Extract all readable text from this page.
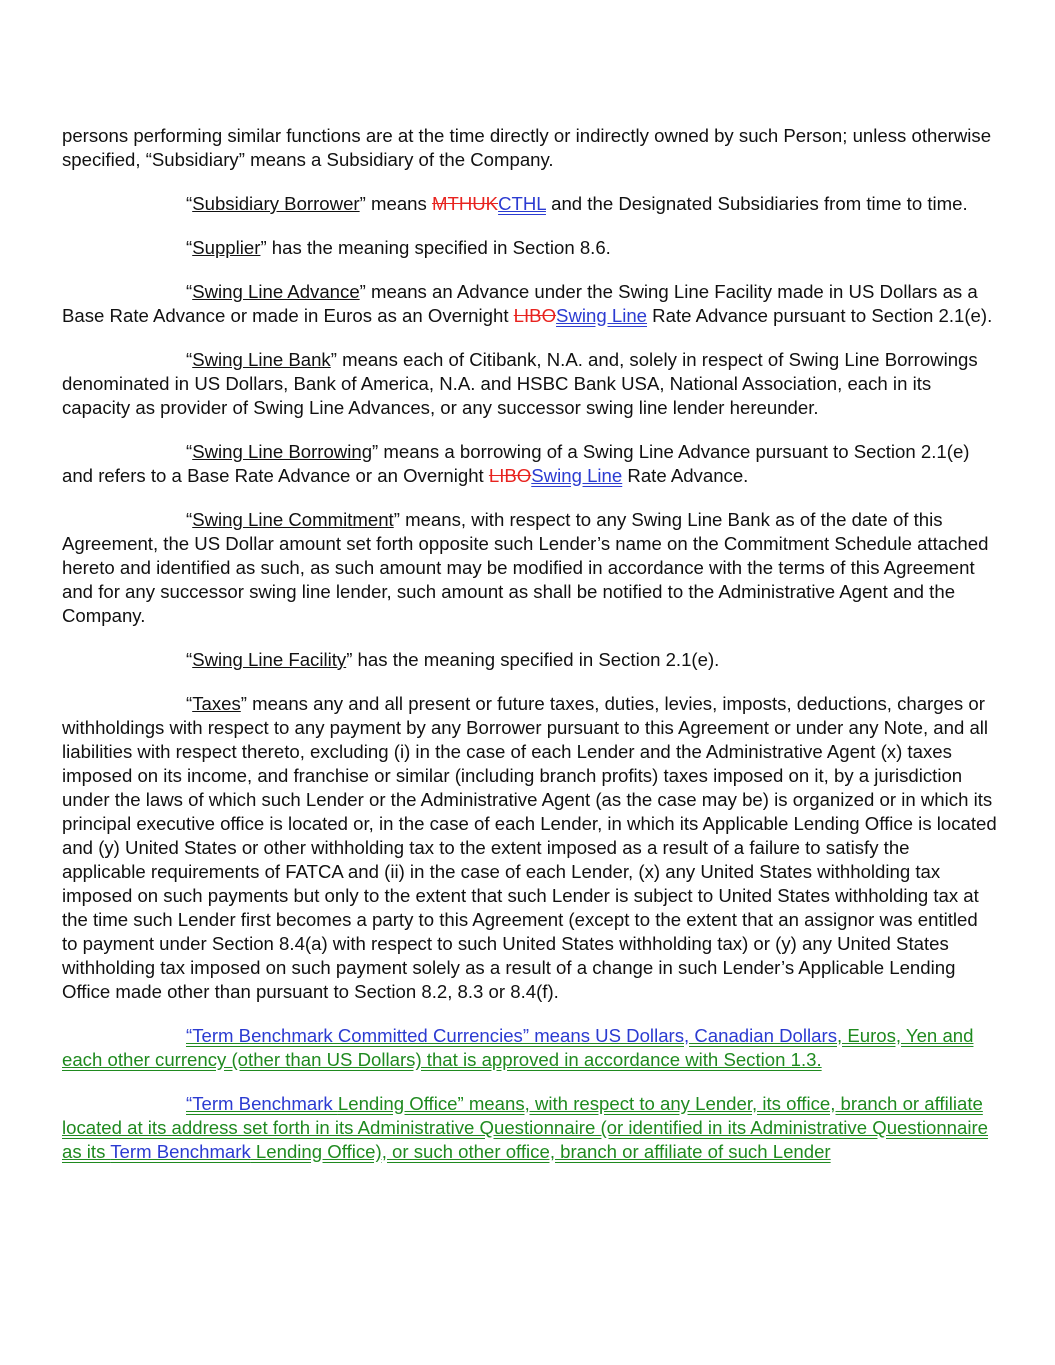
persons performing similar functions are at the time directly or indirectly owned by such Person; unless otherwise specified, “Subsidiary” means a Subsidiary of the Company.

“Subsidiary Borrower” means MTHUKCTHL and the Designated Subsidiaries from time to time.

“Supplier” has the meaning specified in Section 8.6.

“Swing Line Advance” means an Advance under the Swing Line Facility made in US Dollars as a Base Rate Advance or made in Euros as an Overnight LIBOSwing Line Rate Advance pursuant to Section 2.1(e).

“Swing Line Bank” means each of Citibank, N.A. and, solely in respect of Swing Line Borrowings denominated in US Dollars, Bank of America, N.A. and HSBC Bank USA, National Association, each in its capacity as provider of Swing Line Advances, or any successor swing line lender hereunder.

“Swing Line Borrowing” means a borrowing of a Swing Line Advance pursuant to Section 2.1(e) and refers to a Base Rate Advance or an Overnight LIBOSwing Line Rate Advance.

“Swing Line Commitment” means, with respect to any Swing Line Bank as of the date of this Agreement, the US Dollar amount set forth opposite such Lender’s name on the Commitment Schedule attached hereto and identified as such, as such amount may be modified in accordance with the terms of this Agreement and for any successor swing line lender, such amount as shall be notified to the Administrative Agent and the Company.

“Swing Line Facility” has the meaning specified in Section 2.1(e).

“Taxes” means any and all present or future taxes, duties, levies, imposts, deductions, charges or withholdings with respect to any payment by any Borrower pursuant to this Agreement or under any Note, and all liabilities with respect thereto, excluding (i) in the case of each Lender and the Administrative Agent (x) taxes imposed on its income, and franchise or similar (including branch profits) taxes imposed on it, by a jurisdiction under the laws of which such Lender or the Administrative Agent (as the case may be) is organized or in which its principal executive office is located or, in the case of each Lender, in which its Applicable Lending Office is located and (y) United States or other withholding tax to the extent imposed as a result of a failure to satisfy the applicable requirements of FATCA and (ii) in the case of each Lender, (x) any United States withholding tax imposed on such payments but only to the extent that such Lender is subject to United States withholding tax at the time such Lender first becomes a party to this Agreement (except to the extent that an assignor was entitled to payment under Section 8.4(a) with respect to such United States withholding tax) or (y) any United States withholding tax imposed on such payment solely as a result of a change in such Lender’s Applicable Lending Office made other than pursuant to Section 8.2, 8.3 or 8.4(f).

“Term Benchmark Committed Currencies” means US Dollars, Canadian Dollars, Euros, Yen and each other currency (other than US Dollars) that is approved in accordance with Section 1.3.

“Term Benchmark Lending Office” means, with respect to any Lender, its office, branch or affiliate located at its address set forth in its Administrative Questionnaire (or identified in its Administrative Questionnaire as its Term Benchmark Lending Office), or such other office, branch or affiliate of such Lender
